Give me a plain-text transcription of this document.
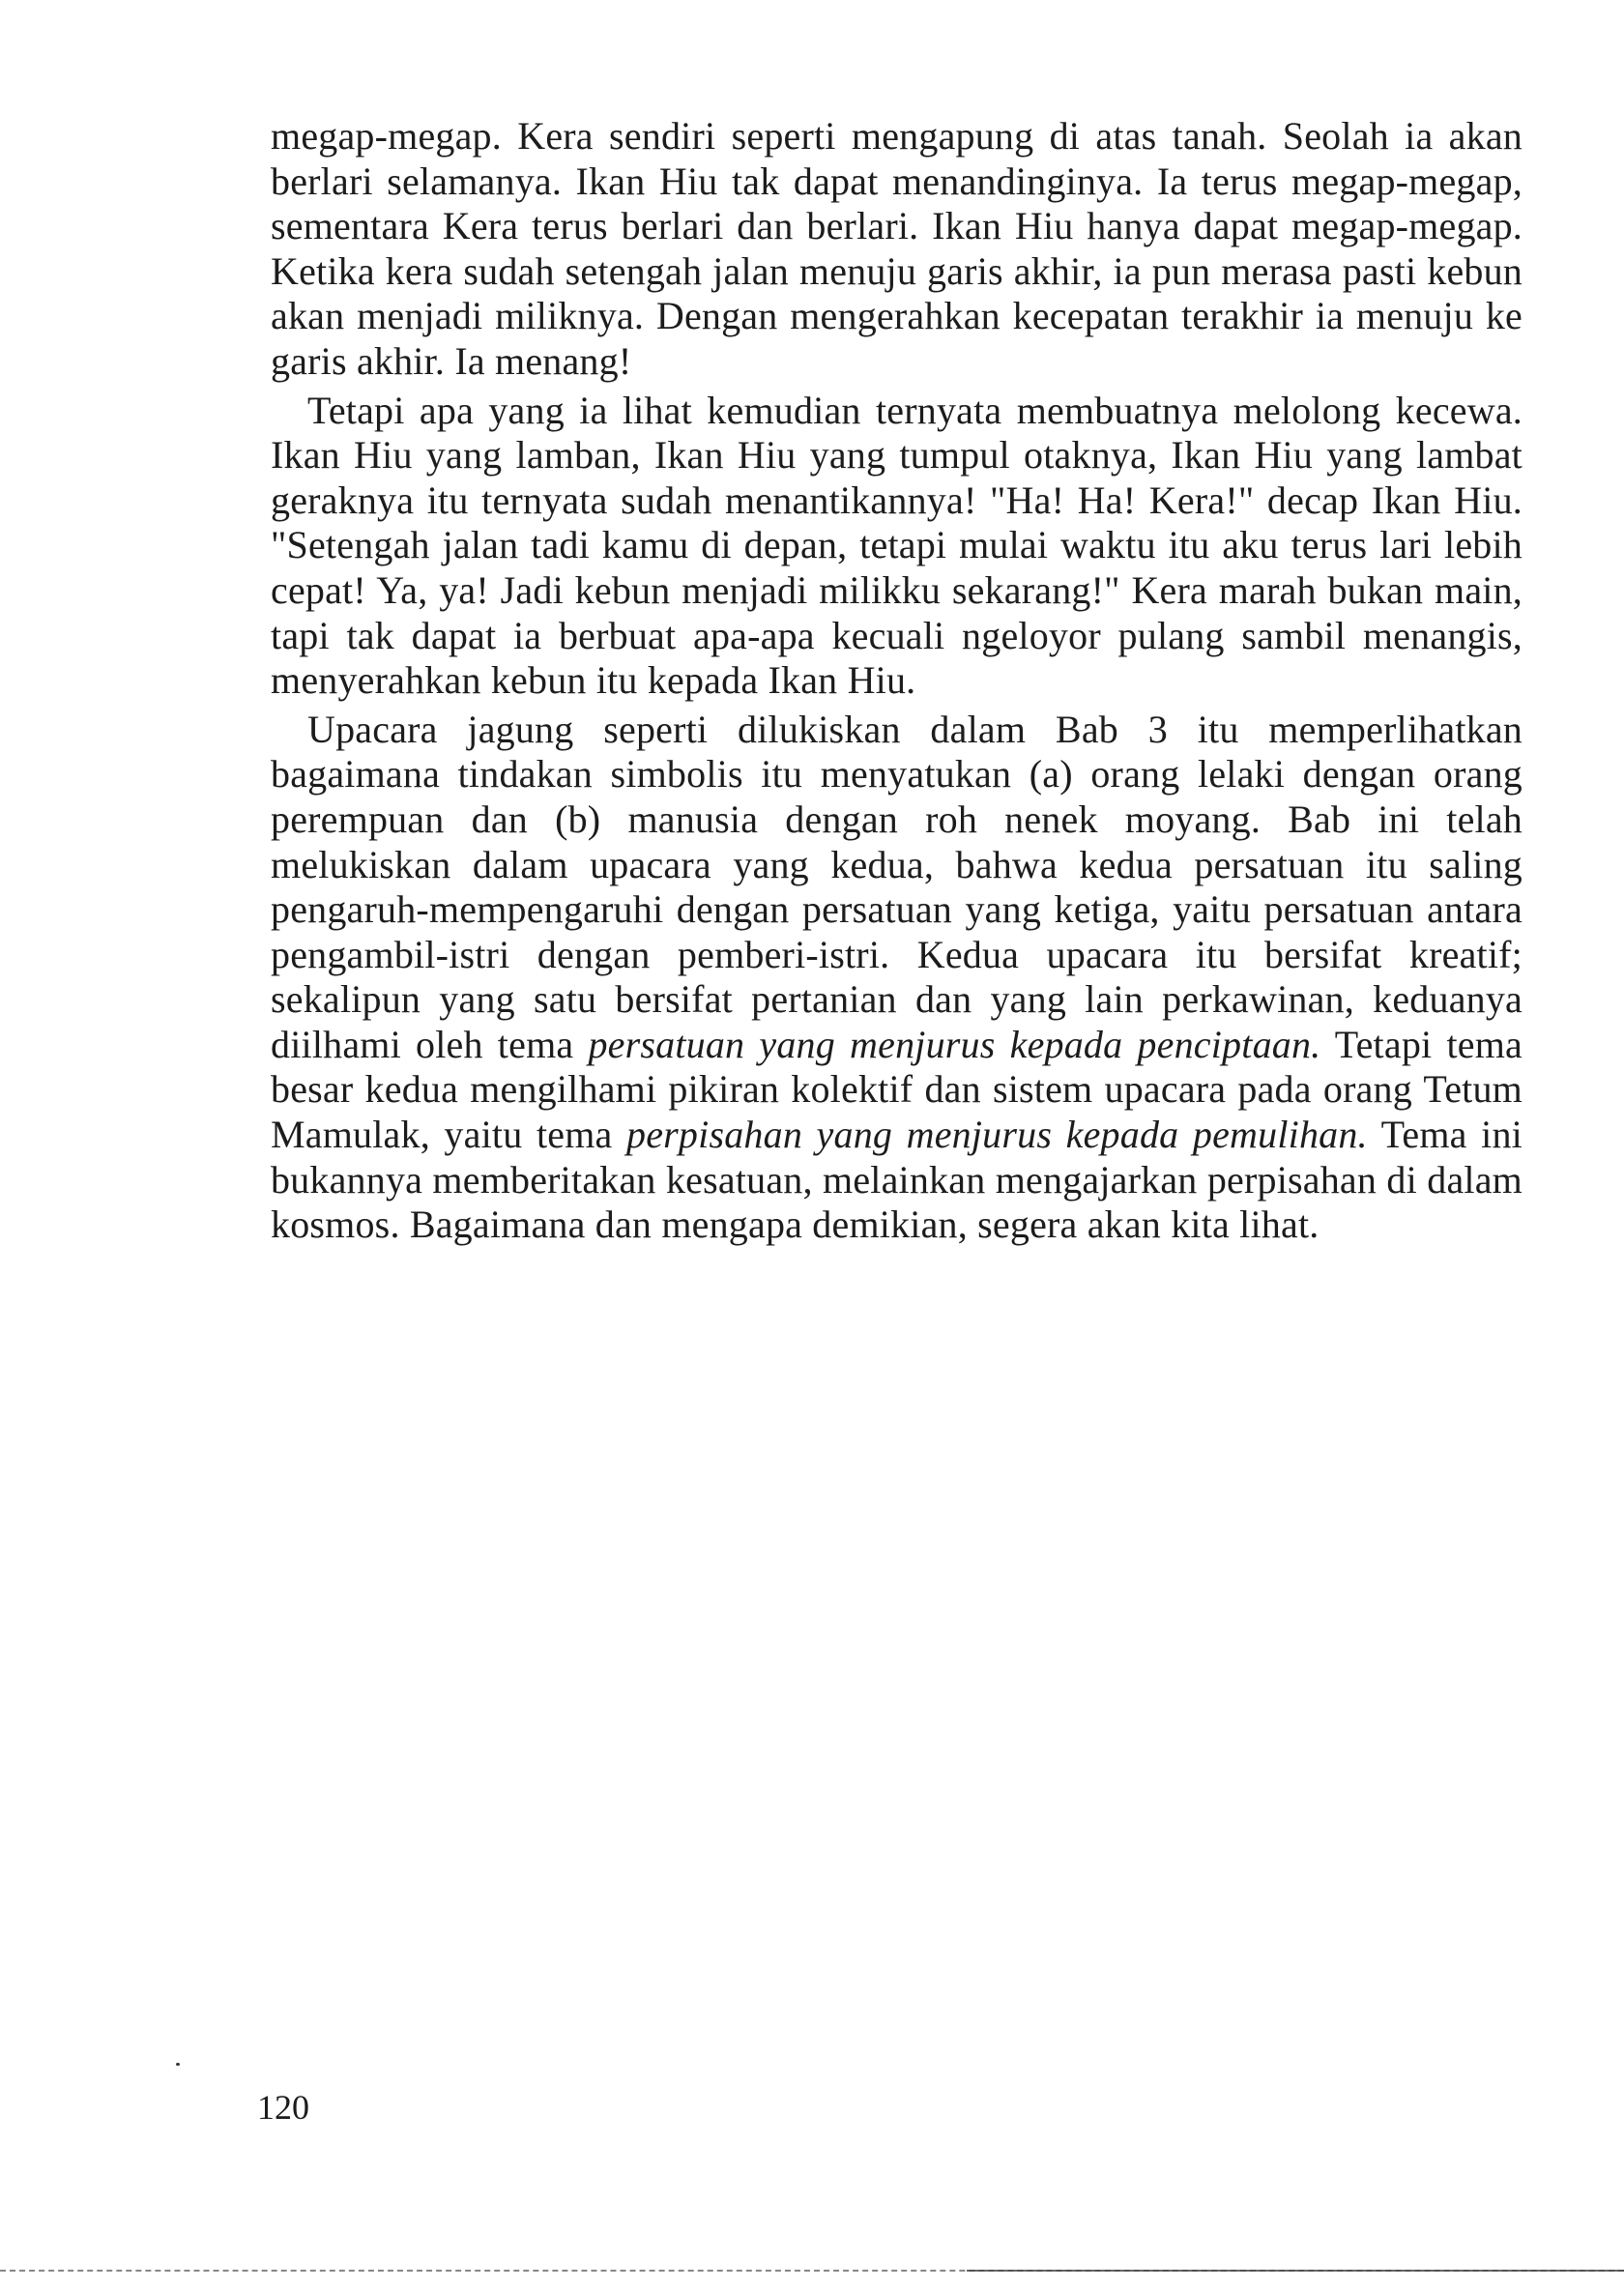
megap-megap. Kera sendiri seperti mengapung di atas tanah. Seolah ia akan berlari selamanya. Ikan Hiu tak dapat menandinginya. Ia terus megap-megap, sementara Kera terus berlari dan berlari. Ikan Hiu hanya dapat megap-megap. Ketika kera sudah setengah jalan menuju garis akhir, ia pun merasa pasti kebun akan menjadi miliknya. Dengan mengerahkan kecepatan terakhir ia menuju ke garis akhir. Ia menang!

Tetapi apa yang ia lihat kemudian ternyata membuatnya melolong kecewa. Ikan Hiu yang lamban, Ikan Hiu yang tumpul otaknya, Ikan Hiu yang lambat geraknya itu ternyata sudah menantikannya! "Ha! Ha! Kera!" decap Ikan Hiu. "Setengah jalan tadi kamu di depan, tetapi mulai waktu itu aku terus lari lebih cepat! Ya, ya! Jadi kebun menjadi milikku sekarang!" Kera marah bukan main, tapi tak dapat ia berbuat apa-apa kecuali ngeloyor pulang sambil menangis, menyerahkan kebun itu kepada Ikan Hiu.

Upacara jagung seperti dilukiskan dalam Bab 3 itu memperlihatkan bagaimana tindakan simbolis itu menyatukan (a) orang lelaki dengan orang perempuan dan (b) manusia dengan roh nenek moyang. Bab ini telah melukiskan dalam upacara yang kedua, bahwa kedua persatuan itu saling pengaruh-mempengaruhi dengan persatuan yang ketiga, yaitu persatuan antara pengambil-istri dengan pemberi-istri. Kedua upacara itu bersifat kreatif; sekalipun yang satu bersifat pertanian dan yang lain perkawinan, keduanya diilhami oleh tema persatuan yang menjurus kepada penciptaan. Tetapi tema besar kedua mengilhami pikiran kolektif dan sistem upacara pada orang Tetum Mamulak, yaitu tema perpisahan yang menjurus kepada pemulihan. Tema ini bukannya memberitakan kesatuan, melainkan mengajarkan perpisahan di dalam kosmos. Bagaimana dan mengapa demikian, segera akan kita lihat.

120
